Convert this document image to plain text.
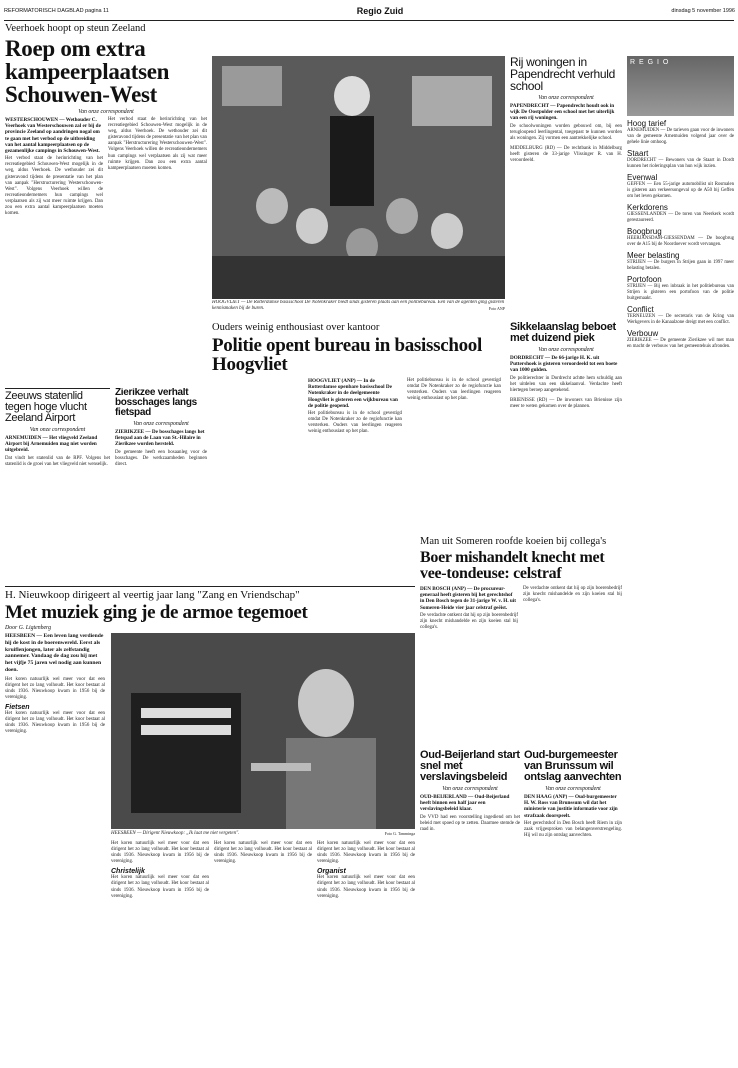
REFORMATORISCH DAGBLAD pagina 11	Regio Zuid	dinsdag 5 november 1996
Veerhoek hoopt op steun Zeeland
Roep om extra kampeerplaatsen Schouwen-West
Van onze correspondent
WESTERSCHOUWEN — Wethouder C. Veerhoek van Westerschouwen zal er bij de provincie Zeeland op aandringen nogal om te gaan met het verbod op de uitbreiding van het aantal kampeerplaatsen op de gezamenlijke campings in Schouwen-West.
Het verbod staat de herinrichting van het recreatiegebied Schouwen-West mogelijk in de weg, aldus Veerhoek. De wethouder zei dit gisteravond tijdens de presentatie van het plan van aanpak "Herstructurering Westerschouwen-West". Volgens Veerhoek willen de recreatieondernemers hun campings wel verplaatsen als zij wat meer ruimte krijgen. Dan zou een extra aantal kampeerplaatsen moeten komen.
Het verbod staat de herinrichting van het recreatiegebied Schouwen-West mogelijk in de weg, aldus Veerhoek. De wethouder zei dit gisteravond tijdens de presentatie van het plan van aanpak "Herstructurering Westerschouwen-West". Volgens Veerhoek willen de recreatieondernemers hun campings wel verplaatsen als zij wat meer ruimte krijgen. Dan zou een extra aantal kampeerplaatsen moeten komen.
HOOGVLIET — De Rotterdamse basisschool De Notenkraker biedt sinds gisteren plaats aan een politiebureau. Een van de agenten ging gisteren kennismaken bij de buren.	Foto ANP
Rij woningen in Papendrecht verhuld school
Van onze correspondent
PAPENDRECHT — Papendrecht houdt ook in wijk De Oostpolder een school met het uiterlijk van een rij woningen.
De schoolwoningen worden gebouwd om, bij een terugloopend leerlingental, toegepast te kunnen worden als woningen. Zij vormen een aantrekkelijke school.
MIDDELBURG (RD) — De rechtbank in Middelburg heeft gisteren de 33-jarige Vlissinger R. van H. veroordeeld.
R E G I O
Hoog tarief
ARNEMUIDEN — De tarieven gaan voor de inwoners van de gemeente Arnemuiden volgend jaar over de gehele linie omhoog.
Staart
DORDRECHT — Bewoners van de Staart in Dordt kunnen het rioleringsplan van hun wijk inzien.
Evenwal
GEFFEN — Een 55-jarige automobilist uit Rosmalen is gisteren aan verkeersongeval op de A50 bij Geffen om het leven gekomen.
Kerkdorens
GIESSENLANDEN — De toren van Neerkerk wordt gerestaureerd.
Boogbrug
HEERJANSDAM-GIESSENDAM — De boogbrug over de A15 bij de Noordoever wordt vervangen.
Meer belasting
STRIJEN — De burgers in Strijen gaan in 1997 meer belasting betalen.
Portofoon
STRIJEN — Bij een inbraak in het politiebureau van Strijen is gisteren een portofoon van de politie buitgemaakt.
Conflict
TERNEUZEN — De secretaris van de Kring van Werkgevers in de Kanaalzone dreigt met een conflict.
Verbouw
ZIERIKZEE — De gemeente Zierikzee wil met man en macht de verbouw van het gemeentehuis afronden.
Zeeuws statenlid tegen hoge vlucht Zeeland Airport
Van onze correspondent
ARNEMUIDEN — Het vliegveld Zeeland Airport bij Arnemuiden mag niet worden uitgebreid.
Dat vindt het statenlid van de RPF. Volgens het statenlid is de groei van het vliegveld niet wenselijk.
Zierikzee verhalt bosschages langs fietspad
Van onze correspondent
ZIERIKZEE — De bosschages langs het fietspad aan de Laan van St.-Hilaire in Zierikzee worden hersteld.
De gemeente heeft een bosaanleg voor de bosschages. De werkzaamheden beginnen direct.
Ouders weinig enthousiast over kantoor
Politie opent bureau in basisschool Hoogvliet
HOOGVLIET (ANP) — In de Rotterdamse openbare basisschool De Notenkraker in de deelgemeente Hoogvliet is gisteren een wijkbureau van de politie geopend.
Het politiebureau is in de school gevestigd omdat De Notenkraker zo de regiofunctie kan versterken. Ouders van leerlingen reageren weinig enthousiast op het plan.
Het politiebureau is in de school gevestigd omdat De Notenkraker zo de regiofunctie kan versterken. Ouders van leerlingen reageren weinig enthousiast op het plan.
Sikkelaanslag beboet met duizend piek
Van onze correspondent
DORDRECHT — De 66-jarige H. K. uit Puttershoek is gisteren veroordeeld tot een boete van 1000 gulden.
De politierechter in Dordrecht achtte hem schuldig aan het uitdelen van een sikkelaanval. Verdachte heeft hiertegen beroep aangetekend.
BRIENISSE (RD) — De inwoners van Brienisse zijn meer te weten gekomen over de plannen.
Man uit Someren roofde koeien bij collega's
Boer mishandelt knecht met vee-tondeuse: celstraf
DEN BOSCH (ANP) — De procureur-generaal heeft gisteren bij het gerechtshof in Den Bosch tegen de 31-jarige W. v. H. uit Someren-Heide vier jaar celstraf geëist.
De verdachte ontkent dat hij op zijn boerenbedrijf zijn knecht mishandelde en zijn koeien stal bij collega's.
De verdachte ontkent dat hij op zijn boerenbedrijf zijn knecht mishandelde en zijn koeien stal bij collega's.
H. Nieuwkoop dirigeert al veertig jaar lang "Zang en Vriendschap"
Met muziek ging je de armoe tegemoet
Door G. Ligtenberg
HEESBEEN — Een leven lang verdiende hij de kost in de boerenwereld. Eerst als kruiflenjongen, later als zelfstandig aannemer. Vandaag de dag zou hij met het vijfje 75 jaren wel nodig aan kunnen doen.
Het koren natuurlijk wel meer voor dat een dirigent het zo lang volhoudt. Het koor bestaat al sinds 1936. Nieuwkoop kwam in 1956 bij de vereniging.
Fietsen
Het koren natuurlijk wel meer voor dat een dirigent het zo lang volhoudt. Het koor bestaat al sinds 1936. Nieuwkoop kwam in 1956 bij de vereniging.
HEESBEEN — Dirigent Nieuwkoop: „Ik laat me niet vergeten".	Foto G. Tamminga
Het koren natuurlijk wel meer voor dat een dirigent het zo lang volhoudt. Het koor bestaat al sinds 1936. Nieuwkoop kwam in 1956 bij de vereniging.
Christelijk
Het koren natuurlijk wel meer voor dat een dirigent het zo lang volhoudt. Het koor bestaat al sinds 1936. Nieuwkoop kwam in 1956 bij de vereniging.
Het koren natuurlijk wel meer voor dat een dirigent het zo lang volhoudt. Het koor bestaat al sinds 1936. Nieuwkoop kwam in 1956 bij de vereniging.
Het koren natuurlijk wel meer voor dat een dirigent het zo lang volhoudt. Het koor bestaat al sinds 1936. Nieuwkoop kwam in 1956 bij de vereniging.
Organist
Het koren natuurlijk wel meer voor dat een dirigent het zo lang volhoudt. Het koor bestaat al sinds 1936. Nieuwkoop kwam in 1956 bij de vereniging.
Oud-Beijerland start snel met verslavingsbeleid
Van onze correspondent
OUD-BEIJERLAND — Oud-Beijerland heeft binnen een half jaar een verslavingsbeleid klaar.
De VVD had een voorstelling ingediend om het beleid met spoed op te zetten. Daarmee stemde de raad in.
Oud-burgemeester van Brunssum wil ontslag aanvechten
Van onze correspondent
DEN HAAG (ANP) — Oud-burgemeester H. W. Ross van Brunssum wil dat het ministerie van justitie informatie voor zijn strafzaak doorspeelt.
Het gerechtshof in Den Bosch heeft Riem in zijn zaak vrijgesproken van belangenverstrengeling. Hij wil nu zijn ontslag aanvechten.
